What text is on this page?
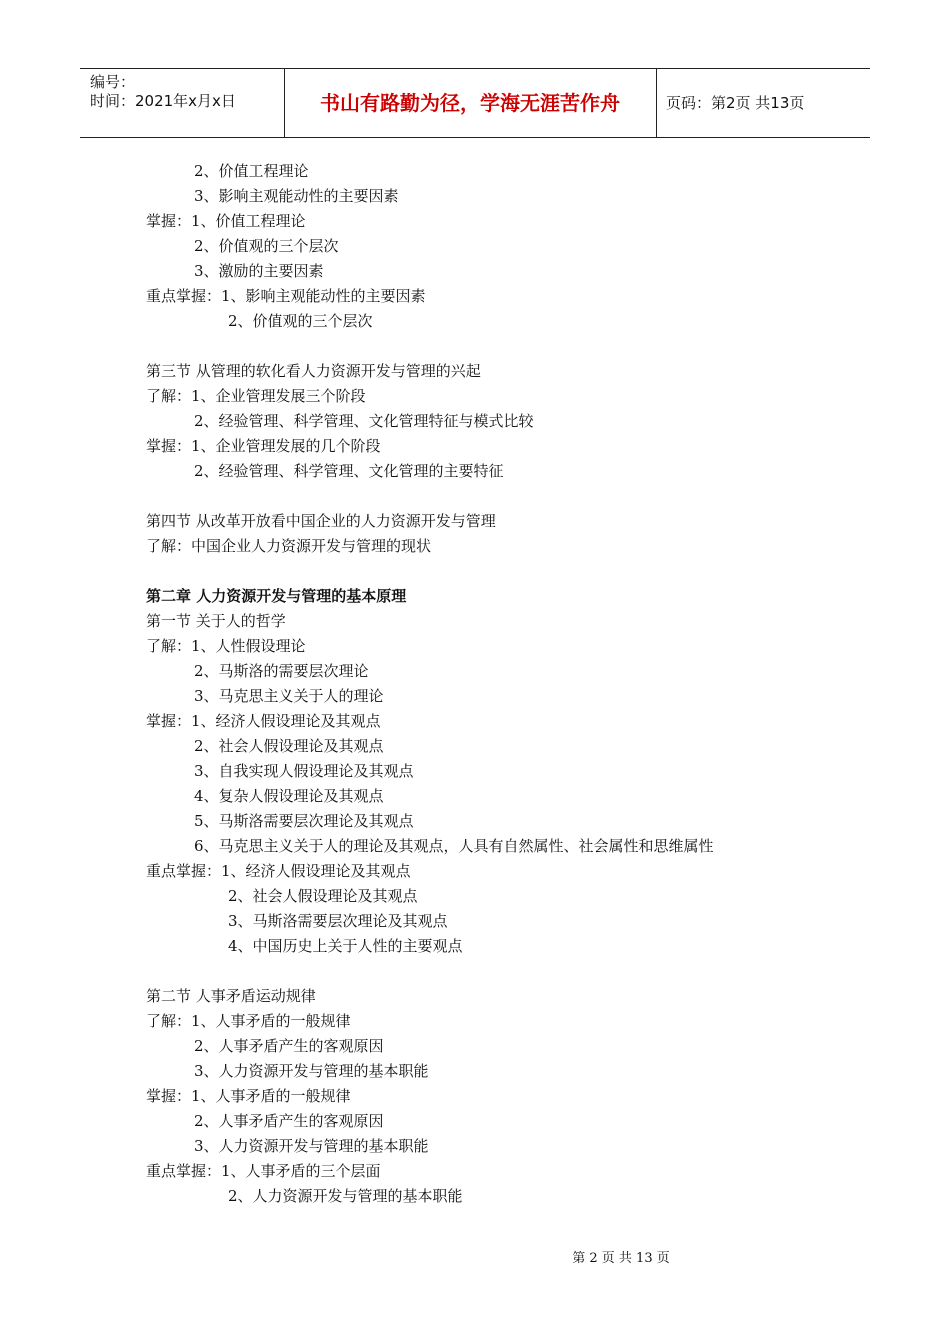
编号：
时间：2021年x月x日	书山有路勤为径，学海无涯苦作舟	页码：第2页 共13页
2、价值工程理论
3、影响主观能动性的主要因素
掌握：1、价值工程理论
2、价值观的三个层次
3、激励的主要因素
重点掌握：1、影响主观能动性的主要因素
2、价值观的三个层次
第三节 从管理的软化看人力资源开发与管理的兴起
了解：1、企业管理发展三个阶段
2、经验管理、科学管理、文化管理特征与模式比较
掌握：1、企业管理发展的几个阶段
2、经验管理、科学管理、文化管理的主要特征
第四节 从改革开放看中国企业的人力资源开发与管理
了解：中国企业人力资源开发与管理的现状
第二章 人力资源开发与管理的基本原理
第一节 关于人的哲学
了解：1、人性假设理论
2、马斯洛的需要层次理论
3、马克思主义关于人的理论
掌握：1、经济人假设理论及其观点
2、社会人假设理论及其观点
3、自我实现人假设理论及其观点
4、复杂人假设理论及其观点
5、马斯洛需要层次理论及其观点
6、马克思主义关于人的理论及其观点，人具有自然属性、社会属性和思维属性
重点掌握：1、经济人假设理论及其观点
2、社会人假设理论及其观点
3、马斯洛需要层次理论及其观点
4、中国历史上关于人性的主要观点
第二节 人事矛盾运动规律
了解：1、人事矛盾的一般规律
2、人事矛盾产生的客观原因
3、人力资源开发与管理的基本职能
掌握：1、人事矛盾的一般规律
2、人事矛盾产生的客观原因
3、人力资源开发与管理的基本职能
重点掌握：1、人事矛盾的三个层面
2、人力资源开发与管理的基本职能
第 2 页 共 13 页
